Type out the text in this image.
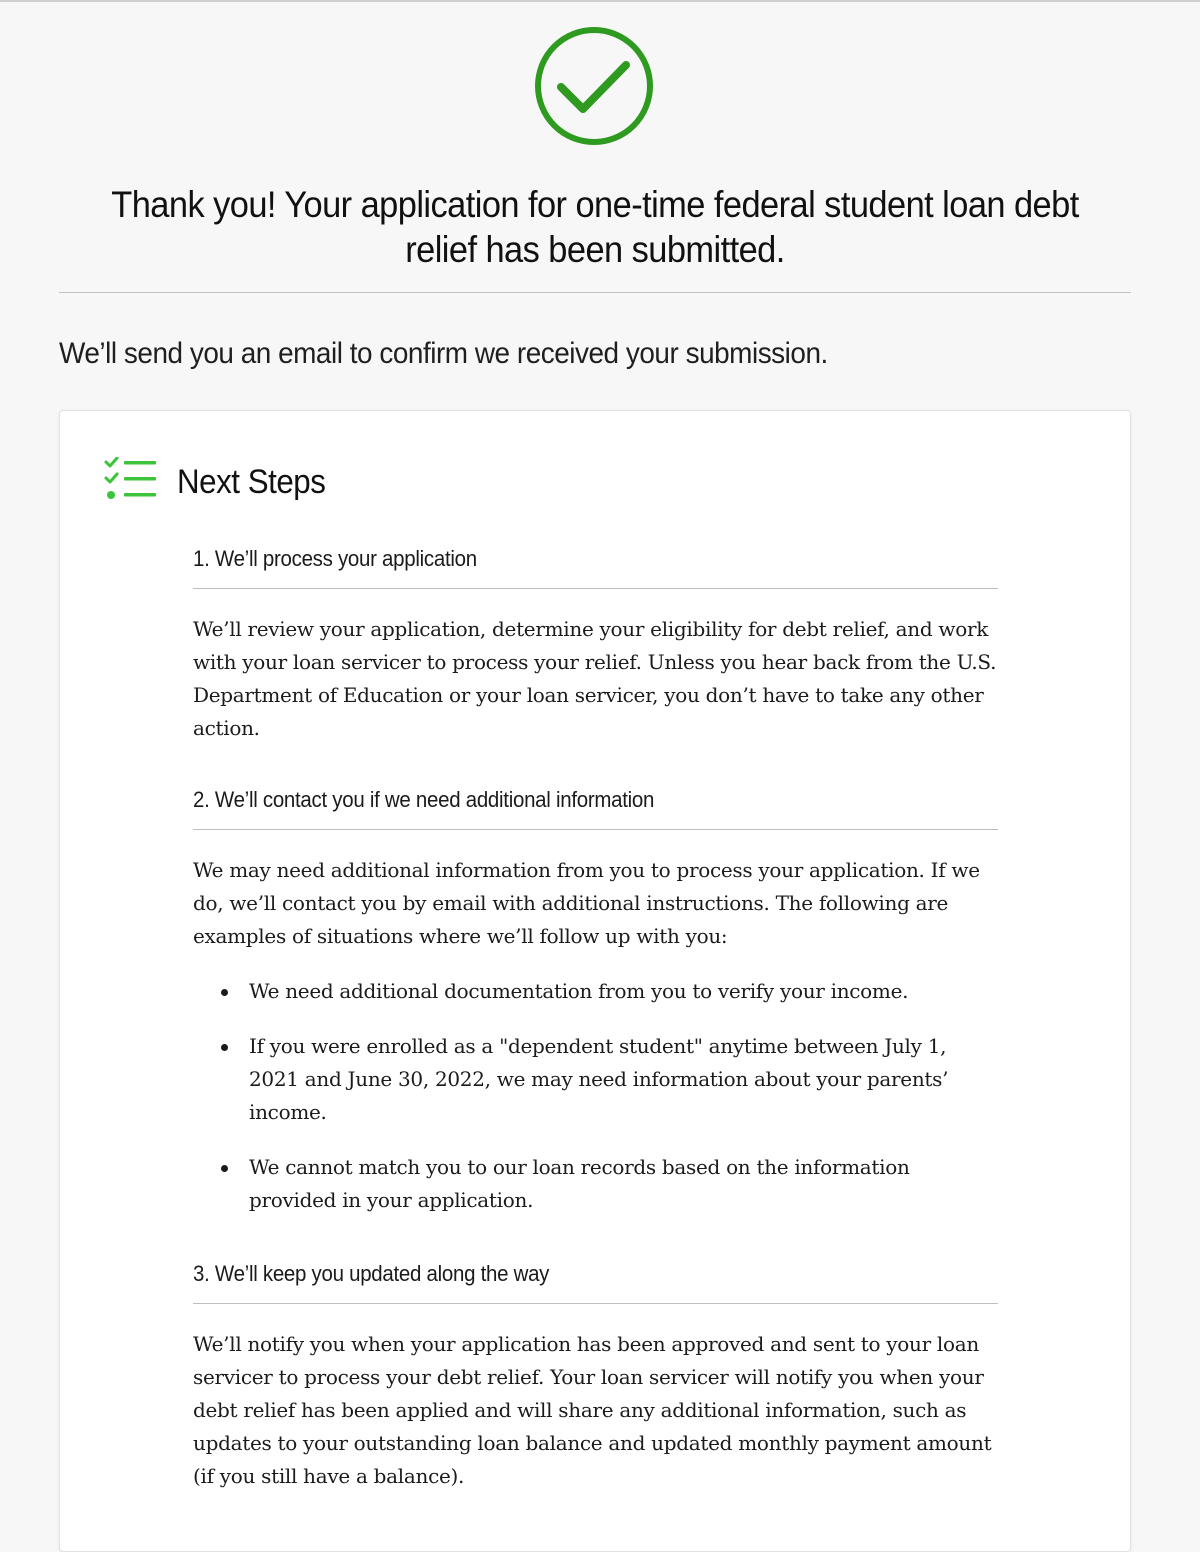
Thank you! Your application for one-time federal student loan debt relief has been submitted.

We’ll send you an email to confirm we received your submission.

Next Steps
1. We’ll process your application

We’ll review your application, determine your eligibility for debt relief, and work with your loan servicer to process your relief. Unless you hear back from the U.S. Department of Education or your loan servicer, you don’t have to take any other action.

2. We’ll contact you if we need additional information

We may need additional information from you to process your application. If we do, we’ll contact you by email with additional instructions. The following are examples of situations where we’ll follow up with you:

We need additional documentation from you to verify your income.
If you were enrolled as a "dependent student" anytime between July 1, 2021 and June 30, 2022, we may need information about your parents’ income.
We cannot match you to our loan records based on the information provided in your application.
3. We’ll keep you updated along the way

We’ll notify you when your application has been approved and sent to your loan servicer to process your debt relief. Your loan servicer will notify you when your debt relief has been applied and will share any additional information, such as updates to your outstanding loan balance and updated monthly payment amount (if you still have a balance).
